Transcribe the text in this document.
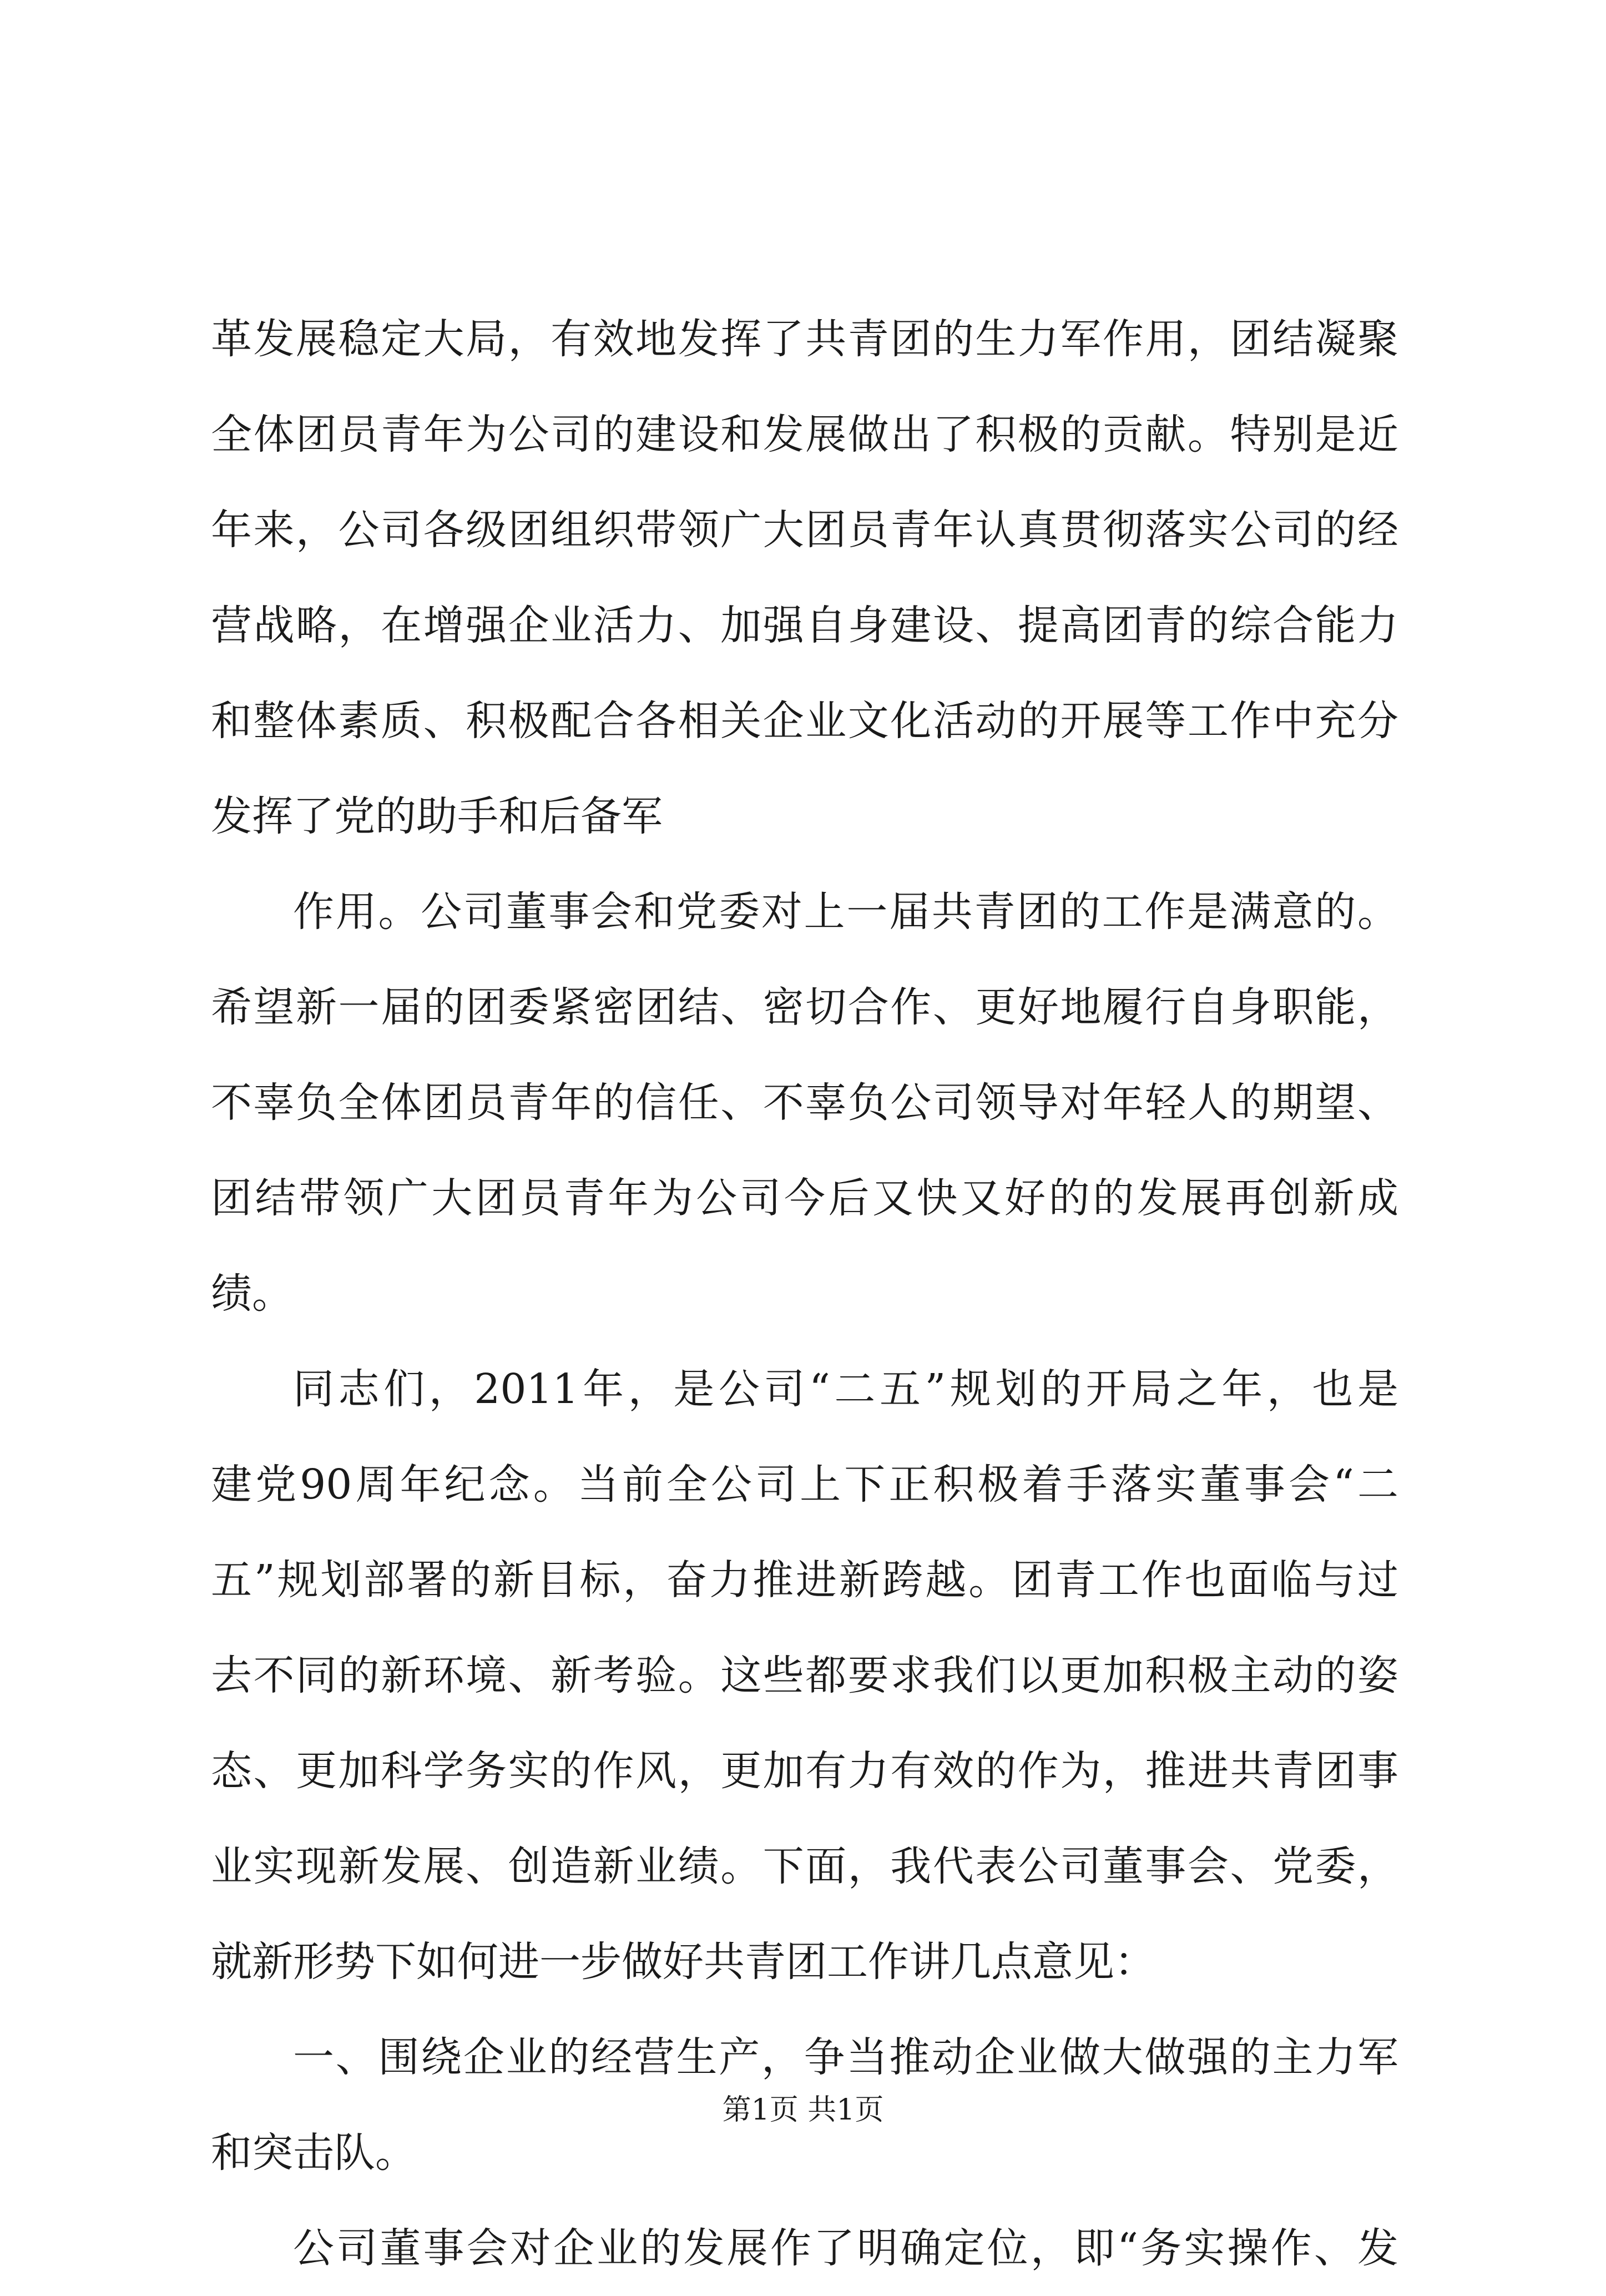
革发展稳定大局，有效地发挥了共青团的生力军作用，团结凝聚
全体团员青年为公司的建设和发展做出了积极的贡献。特别是近
年来，公司各级团组织带领广大团员青年认真贯彻落实公司的经
营战略，在增强企业活力、加强自身建设、提高团青的综合能力
和整体素质、积极配合各相关企业文化活动的开展等工作中充分
发挥了党的助手和后备军
作用。公司董事会和党委对上一届共青团的工作是满意的。
希望新一届的团委紧密团结、密切合作、更好地履行自身职能，
不辜负全体团员青年的信任、不辜负公司领导对年轻人的期望、
团结带领广大团员青年为公司今后又快又好的的发展再创新成
绩。
同志们，2011年，是公司“二五”规划的开局之年，也是
建党90周年纪念。当前全公司上下正积极着手落实董事会“二
五”规划部署的新目标，奋力推进新跨越。团青工作也面临与过
去不同的新环境、新考验。这些都要求我们以更加积极主动的姿
态、更加科学务实的作风，更加有力有效的作为，推进共青团事
业实现新发展、创造新业绩。下面，我代表公司董事会、党委，
就新形势下如何进一步做好共青团工作讲几点意见：
一、围绕企业的经营生产，争当推动企业做大做强的主力军
和突击队。
公司董事会对企业的发展作了明确定位，即“务实操作、发
第1页 共1页
